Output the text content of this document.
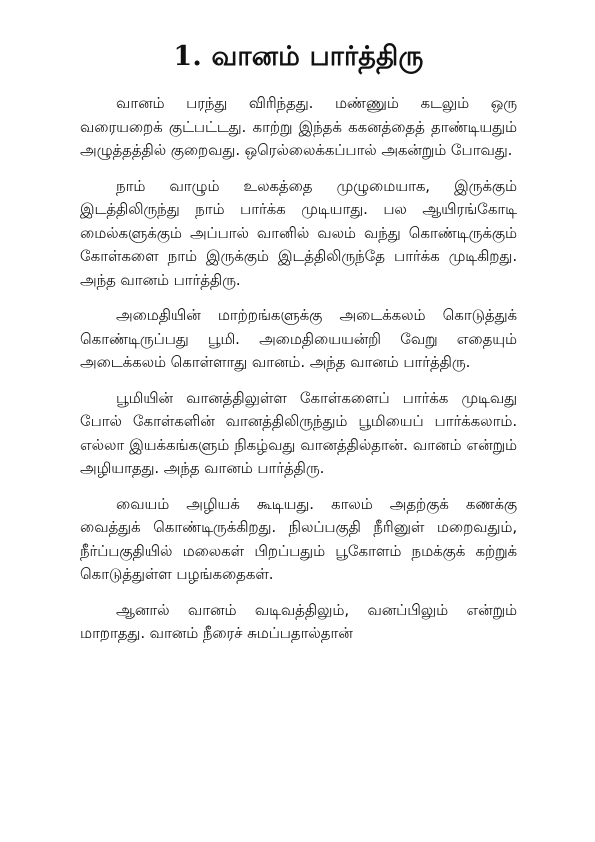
1. வானம் பார்த்திரு

வானம் பரந்து விரிந்தது. மண்ணும் கடலும் ஒரு வரையறைக் குட்பட்டது. காற்று இந்தக் ககனத்தைத் தாண்டியதும் அழுத்தத்தில் குறைவது. ஒரெல்லைக்கப்பால் அகன்றும் போவது.

நாம் வாழும் உலகத்தை முழுமையாக, இருக்கும் இடத்திலிருந்து நாம் பார்க்க முடியாது. பல ஆயிரங்கோடி மைல்களுக்கும் அப்பால் வானில் வலம் வந்து கொண்டிருக்கும் கோள்களை நாம் இருக்கும் இடத்திலிருந்தே பார்க்க முடிகிறது. அந்த வானம் பார்த்திரு.

அமைதியின் மாற்றங்களுக்கு அடைக்கலம் கொடுத்துக் கொண்டிருப்பது பூமி. அமைதியையன்றி வேறு எதையும் அடைக்கலம் கொள்ளாது வானம். அந்த வானம் பார்த்திரு.

பூமியின் வானத்திலுள்ள கோள்களைப் பார்க்க முடிவது போல் கோள்களின் வானத்திலிருந்தும் பூமியைப் பார்க்கலாம். எல்லா இயக்கங்களும் நிகழ்வது வானத்தில்தான். வானம் என்றும் அழியாதது. அந்த வானம் பார்த்திரு.

வையம் அழியக் கூடியது. காலம் அதற்குக் கணக்கு வைத்துக் கொண்டிருக்கிறது. நிலப்பகுதி நீரினுள் மறைவதும், நீர்ப்பகுதியில் மலைகள் பிறப்பதும் பூகோளம் நமக்குக் கற்றுக் கொடுத்துள்ள பழங்கதைகள்.

ஆனால் வானம் வடிவத்திலும், வனப்பிலும் என்றும் மாறாதது. வானம் நீரைச் சுமப்பதால்தான்
